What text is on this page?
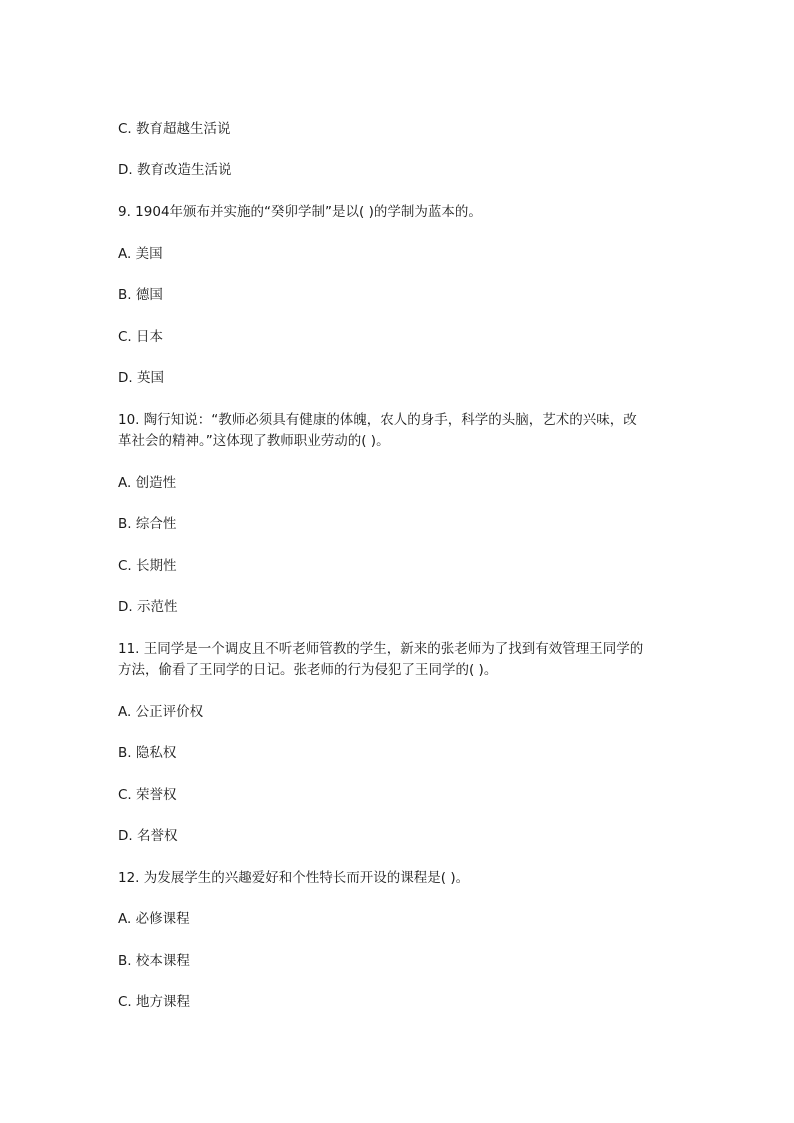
C. 教育超越生活说
D. 教育改造生活说
9. 1904年颁布并实施的“癸卯学制”是以( )的学制为蓝本的。
A. 美国
B. 德国
C. 日本
D. 英国
10. 陶行知说：“教师必须具有健康的体魄，农人的身手，科学的头脑，艺术的兴味，改
革社会的精神。”这体现了教师职业劳动的( )。
A. 创造性
B. 综合性
C. 长期性
D. 示范性
11. 王同学是一个调皮且不听老师管教的学生，新来的张老师为了找到有效管理王同学的
方法，偷看了王同学的日记。张老师的行为侵犯了王同学的( )。
A. 公正评价权
B. 隐私权
C. 荣誉权
D. 名誉权
12. 为发展学生的兴趣爱好和个性特长而开设的课程是( )。
A. 必修课程
B. 校本课程
C. 地方课程
